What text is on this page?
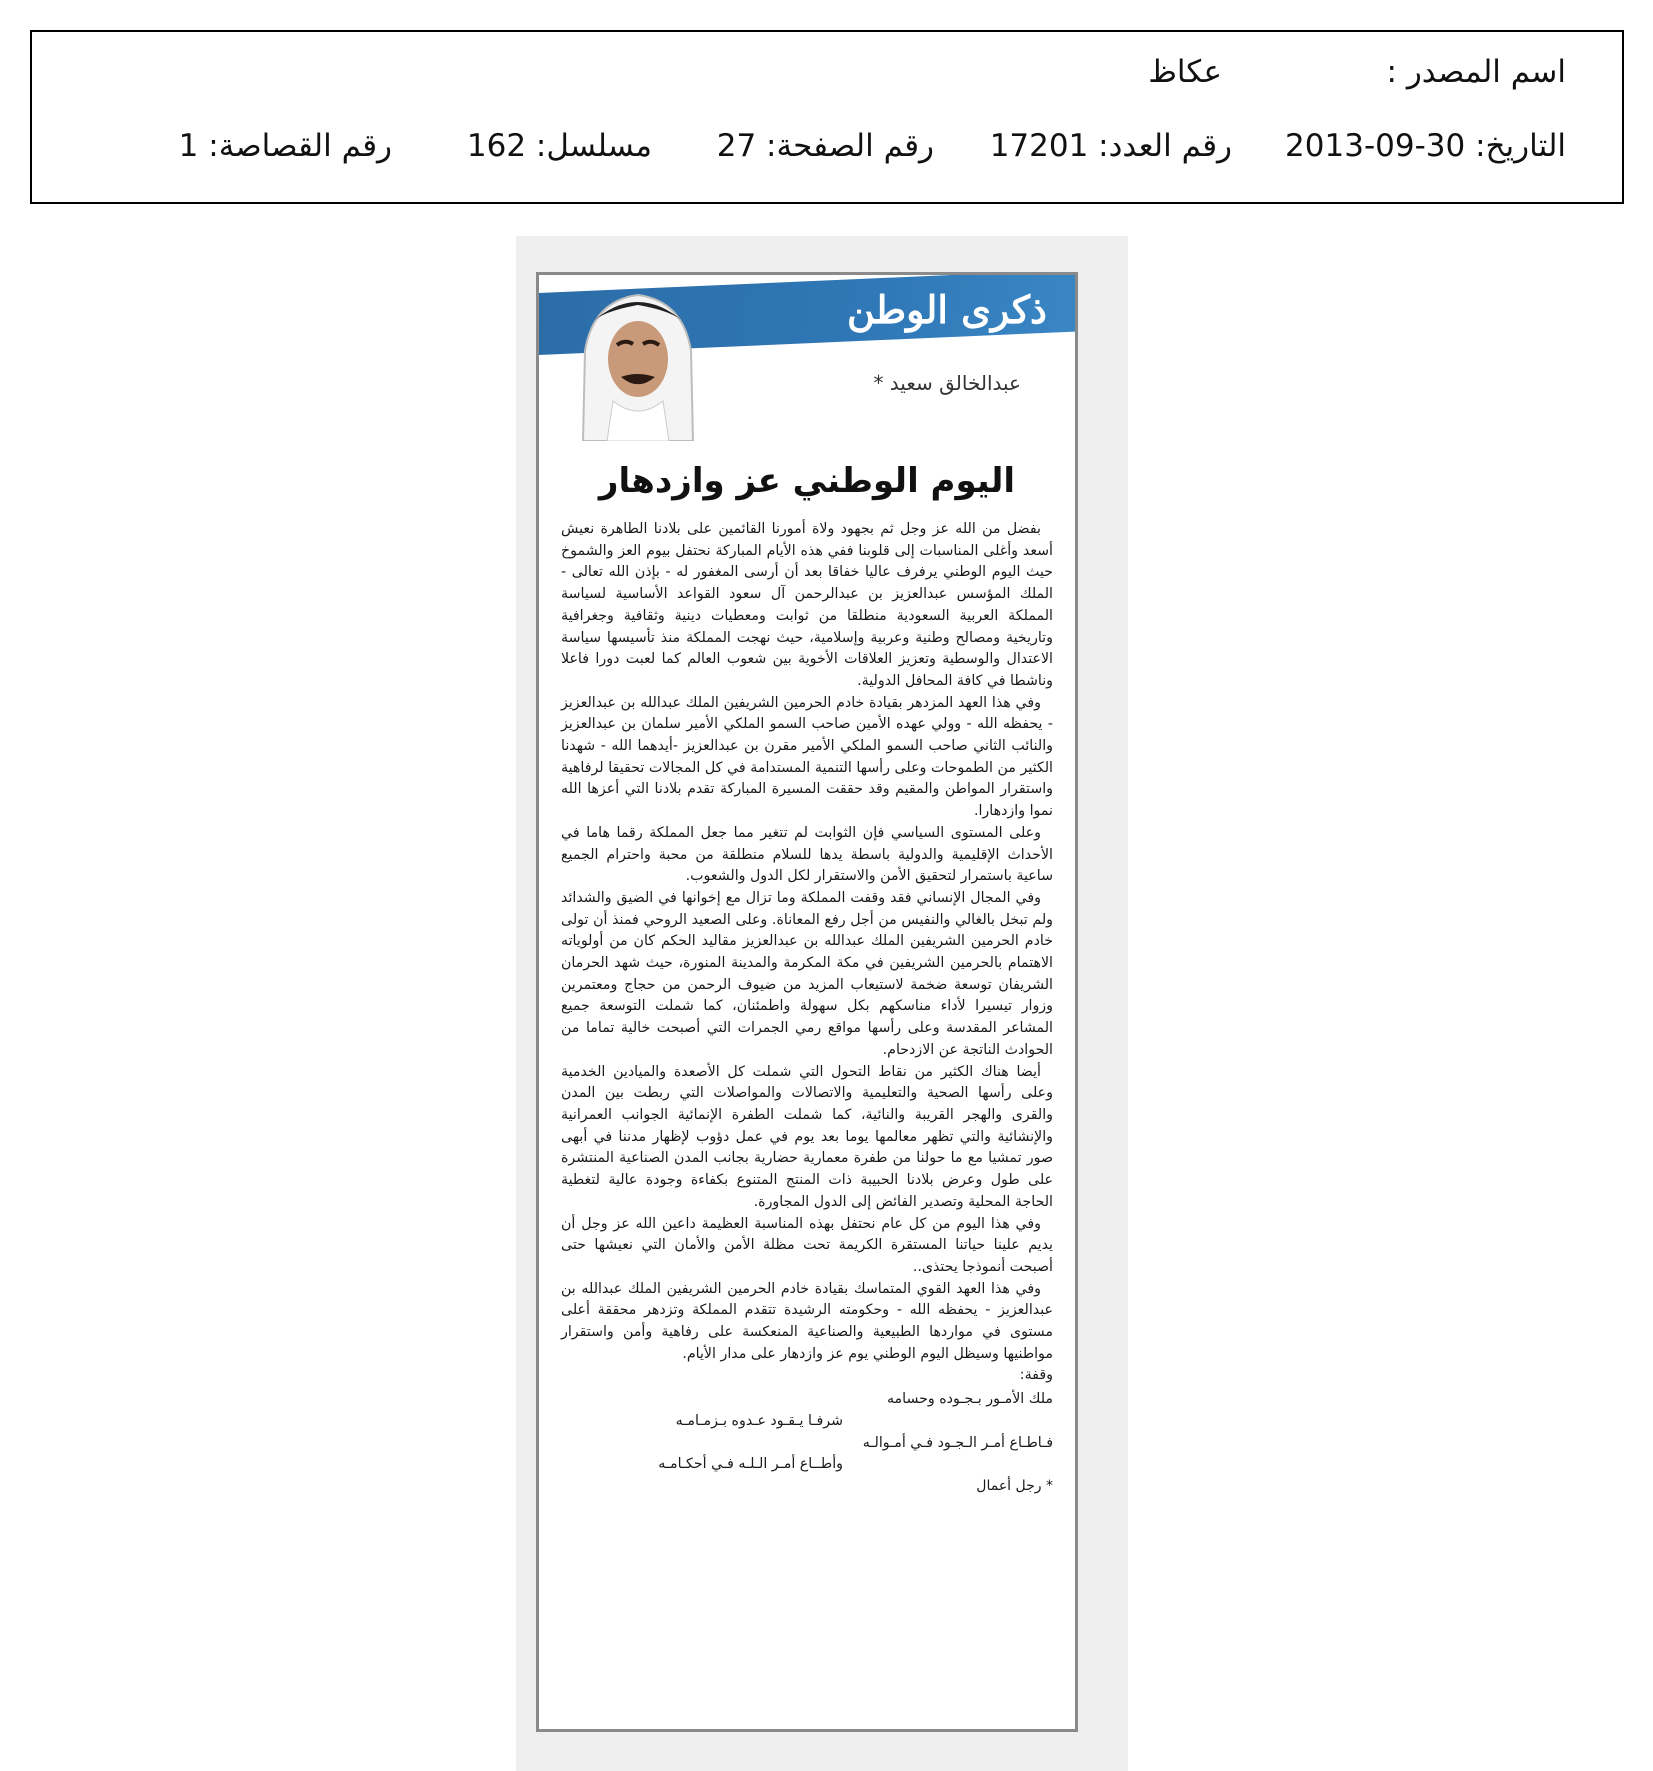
اسم المصدر :
عكاظ
التاريخ: 30-09-2013
رقم العدد: 17201
رقم الصفحة: 27
مسلسل: 162
رقم القصاصة: 1
ذكرى الوطن
عبدالخالق سعيد *
اليوم الوطني عز وازدهار

بفضل من الله عز وجل ثم بجهود ولاة أمورنا القائمين على بلادنا الطاهرة نعيش أسعد وأغلى المناسبات إلى قلوبنا ففي هذه الأيام المباركة نحتفل بيوم العز والشموخ حيث اليوم الوطني يرفرف عاليا خفاقا بعد أن أرسى المغفور له - بإذن الله تعالى - الملك المؤسس عبدالعزيز بن عبدالرحمن آل سعود القواعد الأساسية لسياسة المملكة العربية السعودية منطلقا من ثوابت ومعطيات دينية وثقافية وجغرافية وتاريخية ومصالح وطنية وعربية وإسلامية، حيث نهجت المملكة منذ تأسيسها سياسة الاعتدال والوسطية وتعزيز العلاقات الأخوية بين شعوب العالم كما لعبت دورا فاعلا وناشطا في كافة المحافل الدولية.

وفي هذا العهد المزدهر بقيادة خادم الحرمين الشريفين الملك عبدالله بن عبدالعزيز - يحفظه الله - وولي عهده الأمين صاحب السمو الملكي الأمير سلمان بن عبدالعزيز والنائب الثاني صاحب السمو الملكي الأمير مقرن بن عبدالعزيز -أيدهما الله - شهدنا الكثير من الطموحات وعلى رأسها التنمية المستدامة في كل المجالات تحقيقا لرفاهية واستقرار المواطن والمقيم وقد حققت المسيرة المباركة تقدم بلادنا التي أعزها الله نموا وازدهارا.

وعلى المستوى السياسي فإن الثوابت لم تتغير مما جعل المملكة رقما هاما في الأحداث الإقليمية والدولية باسطة يدها للسلام منطلقة من محبة واحترام الجميع ساعية باستمرار لتحقيق الأمن والاستقرار لكل الدول والشعوب.

وفي المجال الإنساني فقد وقفت المملكة وما تزال مع إخوانها في الضيق والشدائد ولم تبخل بالغالي والنفيس من أجل رفع المعاناة. وعلى الصعيد الروحي فمنذ أن تولى خادم الحرمين الشريفين الملك عبدالله بن عبدالعزيز مقاليد الحكم كان من أولوياته الاهتمام بالحرمين الشريفين في مكة المكرمة والمدينة المنورة، حيث شهد الحرمان الشريفان توسعة ضخمة لاستيعاب المزيد من ضيوف الرحمن من حجاج ومعتمرين وزوار تيسيرا لأداء مناسكهم بكل سهولة واطمئنان، كما شملت التوسعة جميع المشاعر المقدسة وعلى رأسها مواقع رمي الجمرات التي أصبحت خالية تماما من الحوادث الناتجة عن الازدحام.

أيضا هناك الكثير من نقاط التحول التي شملت كل الأصعدة والميادين الخدمية وعلى رأسها الصحية والتعليمية والاتصالات والمواصلات التي ربطت بين المدن والقرى والهجر القريبة والنائية، كما شملت الطفرة الإنمائية الجوانب العمرانية والإنشائية والتي تظهر معالمها يوما بعد يوم في عمل دؤوب لإظهار مدننا في أبهى صور تمشيا مع ما حولنا من طفرة معمارية حضارية بجانب المدن الصناعية المنتشرة على طول وعرض بلادنا الحبيبة ذات المنتج المتنوع بكفاءة وجودة عالية لتغطية الحاجة المحلية وتصدير الفائض إلى الدول المجاورة.

وفي هذا اليوم من كل عام نحتفل بهذه المناسبة العظيمة داعين الله عز وجل أن يديم علينا حياتنا المستقرة الكريمة تحت مظلة الأمن والأمان التي نعيشها حتى أصبحت أنموذجا يحتذى..

وفي هذا العهد القوي المتماسك بقيادة خادم الحرمين الشريفين الملك عبدالله بن عبدالعزيز - يحفظه الله - وحكومته الرشيدة تتقدم المملكة وتزدهر محققة أعلى مستوى في مواردها الطبيعية والصناعية المنعكسة على رفاهية وأمن واستقرار مواطنيها وسيظل اليوم الوطني يوم عز وازدهار على مدار الأيام.

وقفة:
ملك الأمـور بـجـوده وحسامه
شرفـا يـقـود عـدوه بـزمـامـه
فـاطـاع أمـر الـجـود فـي أمـوالـه
وأطــاع أمـر الـلـه فـي أحكـامـه
* رجل أعمال
